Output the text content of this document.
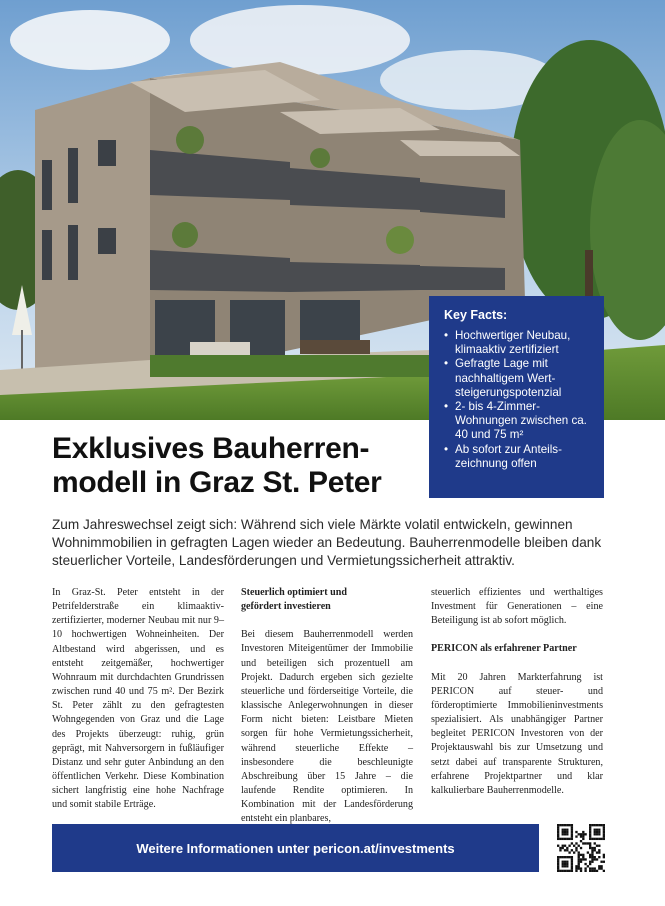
Key Facts:
• Hochwertiger Neubau, klimaaktiv zertifiziert
• Gefragte Lage mit nachhaltigem Wert-steigerungspotenzial
• 2- bis 4-Zimmer-Wohnungen zwischen ca. 40 und 75 m²
• Ab sofort zur Anteils-zeichnung offen
Exklusives Bauherren-
modell in Graz St. Peter

Zum Jahreswechsel zeigt sich: Während sich viele Märkte volatil entwickeln, gewinnen Wohnimmobilien in gefragten Lagen wieder an Bedeutung. Bauherrenmodelle bleiben dank steuerlicher Vorteile, Landesförderungen und Vermietungssicherheit attraktiv.

In Graz-St. Peter entsteht in der Petrifelderstraße ein klimaaktiv-zertifizierter, moderner Neubau mit nur 9–10 hochwertigen Wohneinheiten. Der Altbestand wird abgerissen, und es entsteht zeitgemäßer, hochwertiger Wohnraum mit durchdachten Grundrissen zwischen rund 40 und 75 m². Der Bezirk St. Peter zählt zu den gefragtesten Wohngegenden von Graz und die Lage des Projekts überzeugt: ruhig, grün geprägt, mit Nahversorgern in fußläufiger Distanz und sehr guter Anbindung an den öffentlichen Verkehr. Diese Kombination sichert langfristig eine hohe Nachfrage und somit stabile Erträge.

Steuerlich optimiert und
gefördert investieren

Bei diesem Bauherrenmodell werden Investoren Miteigentümer der Immobilie und beteiligen sich prozentuell am Projekt. Dadurch ergeben sich gezielte steuerliche und förderseitige Vorteile, die klassische Anlegerwohnungen in dieser Form nicht bieten: Leistbare Mieten sorgen für hohe Vermietungssicherheit, während steuerliche Effekte – insbesondere die beschleunigte Abschreibung über 15 Jahre – die laufende Rendite optimieren. In Kombination mit der Landesförderung entsteht ein planbares,

steuerlich effizientes und werthaltiges Investment für Generationen – eine Beteiligung ist ab sofort möglich.

PERICON als erfahrener Partner

Mit 20 Jahren Markterfahrung ist PERICON auf steuer- und förderoptimierte Immobilieninvestments spezialisiert. Als unabhängiger Partner begleitet PERICON Investoren von der Projektauswahl bis zur Umsetzung und setzt dabei auf transparente Strukturen, erfahrene Projektpartner und klar kalkulierbare Bauherrenmodelle.

Weitere Informationen unter pericon.at/investments
